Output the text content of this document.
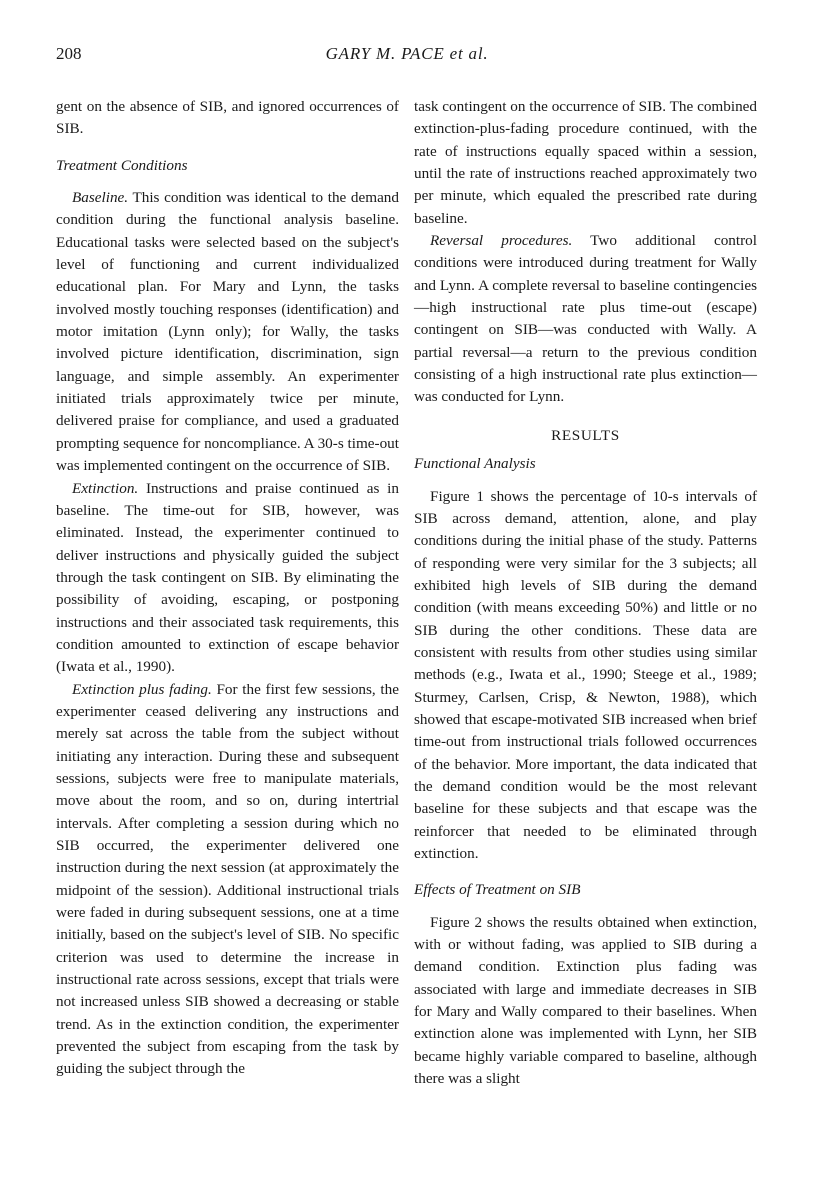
208	GARY M. PACE et al.

gent on the absence of SIB, and ignored occurrences of SIB.

Treatment Conditions

Baseline. This condition was identical to the demand condition during the functional analysis baseline. Educational tasks were selected based on the subject's level of functioning and current individualized educational plan. For Mary and Lynn, the tasks involved mostly touching responses (identification) and motor imitation (Lynn only); for Wally, the tasks involved picture identification, discrimination, sign language, and simple assembly. An experimenter initiated trials approximately twice per minute, delivered praise for compliance, and used a graduated prompting sequence for noncompliance. A 30-s time-out was implemented contingent on the occurrence of SIB.

Extinction. Instructions and praise continued as in baseline. The time-out for SIB, however, was eliminated. Instead, the experimenter continued to deliver instructions and physically guided the subject through the task contingent on SIB. By eliminating the possibility of avoiding, escaping, or postponing instructions and their associated task requirements, this condition amounted to extinction of escape behavior (Iwata et al., 1990).

Extinction plus fading. For the first few sessions, the experimenter ceased delivering any instructions and merely sat across the table from the subject without initiating any interaction. During these and subsequent sessions, subjects were free to manipulate materials, move about the room, and so on, during intertrial intervals. After completing a session during which no SIB occurred, the experimenter delivered one instruction during the next session (at approximately the midpoint of the session). Additional instructional trials were faded in during subsequent sessions, one at a time initially, based on the subject's level of SIB. No specific criterion was used to determine the increase in instructional rate across sessions, except that trials were not increased unless SIB showed a decreasing or stable trend. As in the extinction condition, the experimenter prevented the subject from escaping from the task by guiding the subject through the

task contingent on the occurrence of SIB. The combined extinction-plus-fading procedure continued, with the rate of instructions equally spaced within a session, until the rate of instructions reached approximately two per minute, which equaled the prescribed rate during baseline.

Reversal procedures. Two additional control conditions were introduced during treatment for Wally and Lynn. A complete reversal to baseline contingencies—high instructional rate plus time-out (escape) contingent on SIB—was conducted with Wally. A partial reversal—a return to the previous condition consisting of a high instructional rate plus extinction—was conducted for Lynn.

RESULTS
Functional Analysis

Figure 1 shows the percentage of 10-s intervals of SIB across demand, attention, alone, and play conditions during the initial phase of the study. Patterns of responding were very similar for the 3 subjects; all exhibited high levels of SIB during the demand condition (with means exceeding 50%) and little or no SIB during the other conditions. These data are consistent with results from other studies using similar methods (e.g., Iwata et al., 1990; Steege et al., 1989; Sturmey, Carlsen, Crisp, & Newton, 1988), which showed that escape-motivated SIB increased when brief time-out from instructional trials followed occurrences of the behavior. More important, the data indicated that the demand condition would be the most relevant baseline for these subjects and that escape was the reinforcer that needed to be eliminated through extinction.

Effects of Treatment on SIB

Figure 2 shows the results obtained when extinction, with or without fading, was applied to SIB during a demand condition. Extinction plus fading was associated with large and immediate decreases in SIB for Mary and Wally compared to their baselines. When extinction alone was implemented with Lynn, her SIB became highly variable compared to baseline, although there was a slight
